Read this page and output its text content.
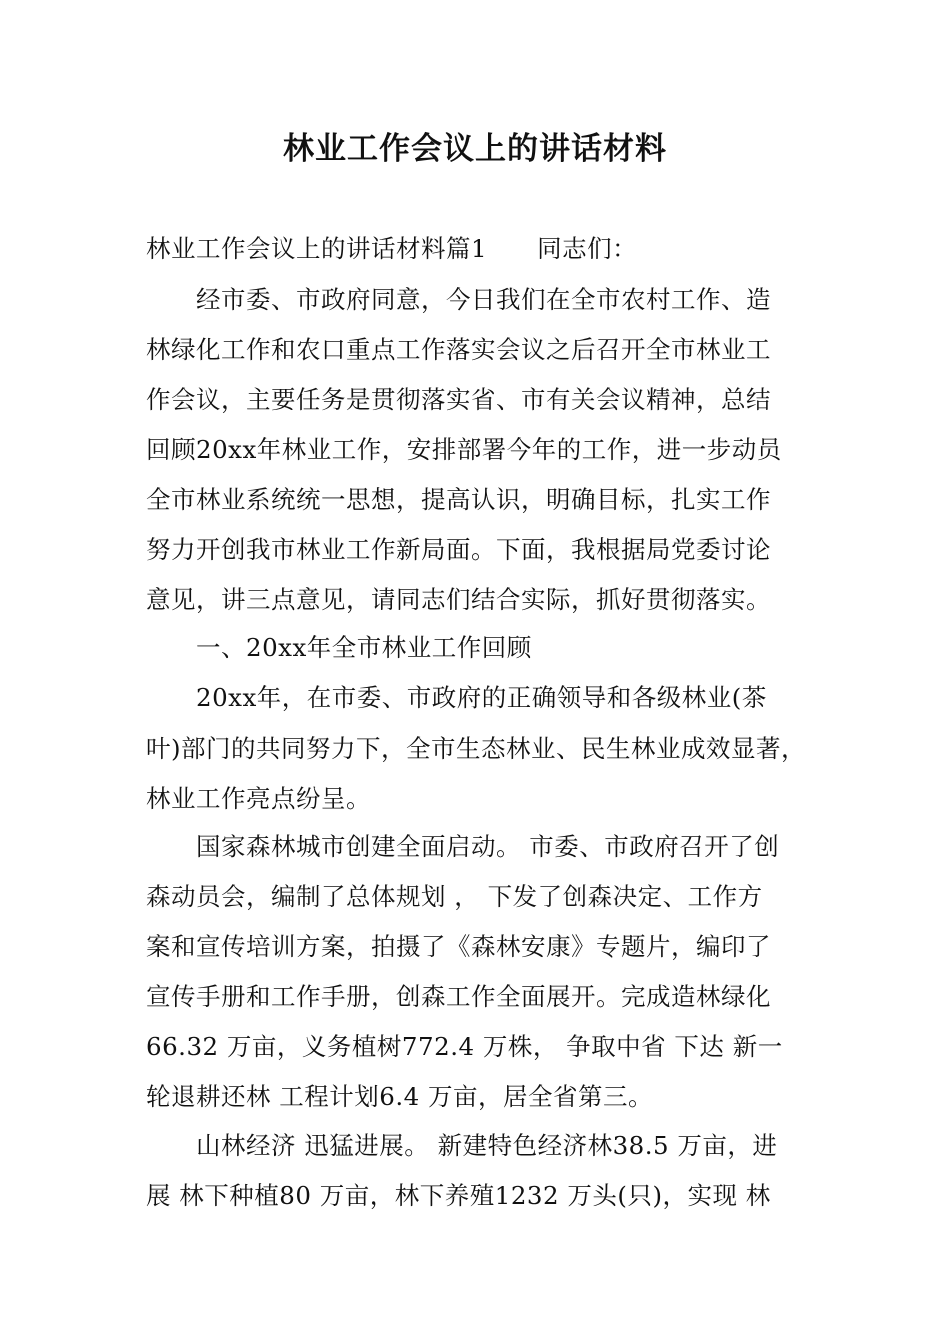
林业工作会议上的讲话材料
林业工作会议上的讲话材料篇1　　同志们：
经市委、市政府同意，今日我们在全市农村工作、造
林绿化工作和农口重点工作落实会议之后召开全市林业工
作会议，主要任务是贯彻落实省、市有关会议精神，总结
回顾20xx年林业工作，安排部署今年的工作，进一步动员
全市林业系统统一思想，提高认识，明确目标，扎实工作
努力开创我市林业工作新局面。下面，我根据局党委讨论
意见，讲三点意见，请同志们结合实际，抓好贯彻落实。
一、20xx年全市林业工作回顾
20xx年，在市委、市政府的正确领导和各级林业(茶
叶)部门的共同努力下，全市生态林业、民生林业成效显著，
林业工作亮点纷呈。
国家森林城市创建全面启动。 市委、市政府召开了创
森动员会，编制了总体规划 ， 下发了创森决定、工作方
案和宣传培训方案，拍摄了《森林安康》专题片，编印了
宣传手册和工作手册，创森工作全面展开。完成造林绿化
66.32 万亩，义务植树772.4 万株， 争取中省 下达 新一
轮退耕还林 工程计划6.4 万亩，居全省第三。
山林经济 迅猛进展。 新建特色经济林38.5 万亩，进
展 林下种植80 万亩，林下养殖1232 万头(只)，实现 林
